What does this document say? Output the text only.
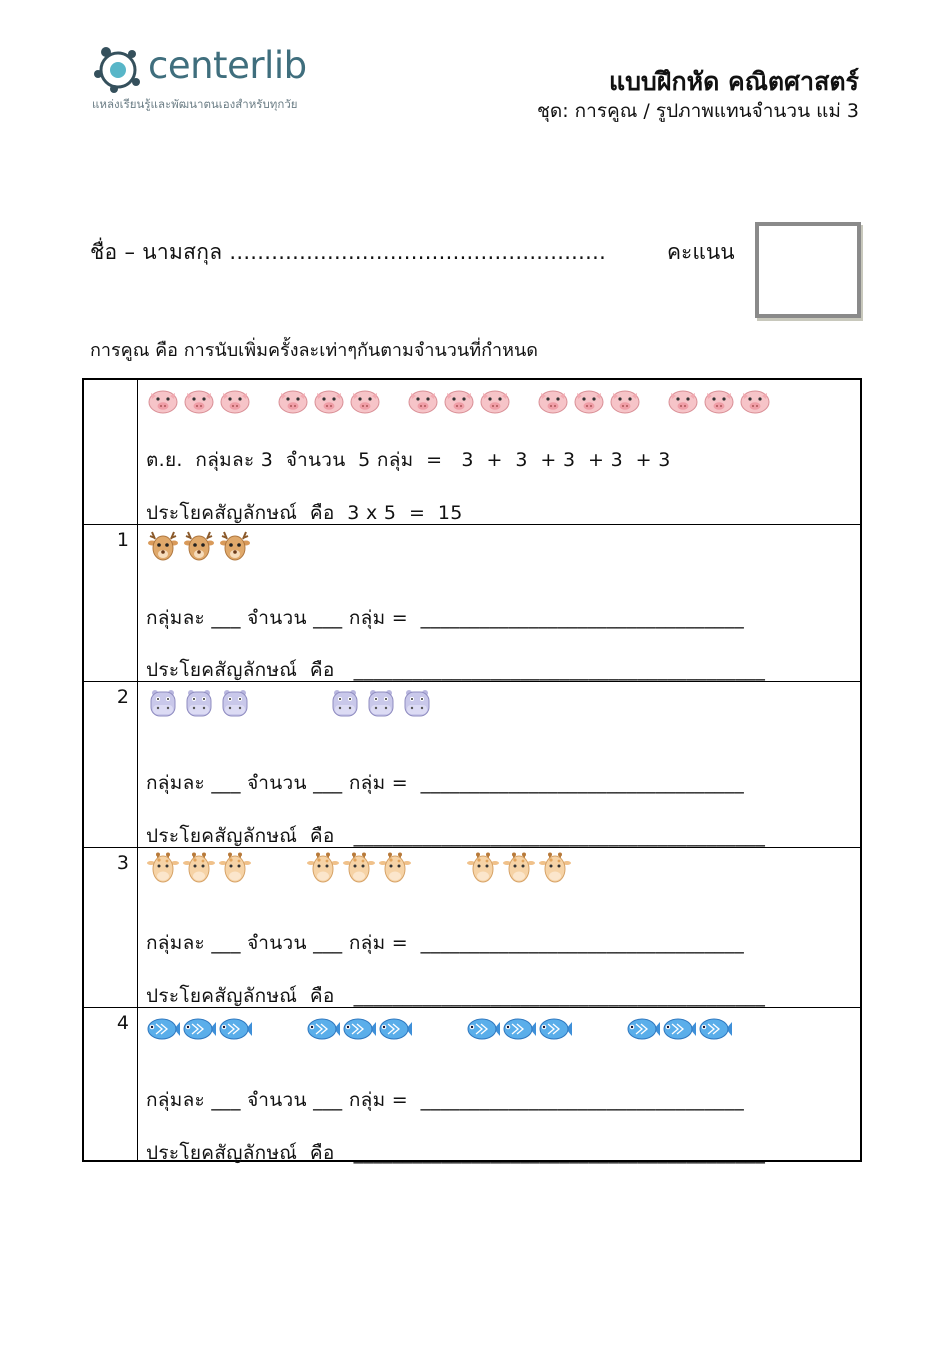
centerlib
แหล่งเรียนรู้และพัฒนาตนเองสำหรับทุกวัย
แบบฝึกหัด คณิตศาสตร์
ชุด: การคูณ / รูปภาพแทนจำนวน แม่ 3
ชื่อ – นามสกุล ......................................................	คะแนน
การคูณ คือ การนับเพิ่มครั้งละเท่าๆกันตามจำนวนที่กำหนด
ต.ย.  กลุ่มละ 3  จำนวน  5 กลุ่ม  =   3  +  3  + 3  + 3  + 3
ประโยคสัญลักษณ์  คือ  3 x 5  =  15
1
กลุ่มละ ___ จำนวน ___ กลุ่ม =  _________________________________
ประโยคสัญลักษณ์  คือ   __________________________________________
2
กลุ่มละ ___ จำนวน ___ กลุ่ม =  _________________________________
ประโยคสัญลักษณ์  คือ   __________________________________________
3
กลุ่มละ ___ จำนวน ___ กลุ่ม =  _________________________________
ประโยคสัญลักษณ์  คือ   __________________________________________
4
กลุ่มละ ___ จำนวน ___ กลุ่ม =  _________________________________
ประโยคสัญลักษณ์  คือ   __________________________________________
